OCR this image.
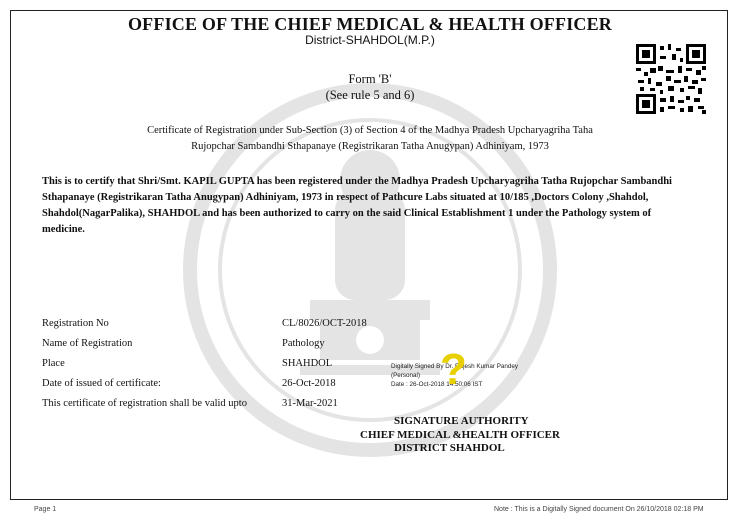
OFFICE OF THE CHIEF MEDICAL & HEALTH OFFICER
District-SHAHDOL(M.P.)
Form 'B'
(See rule 5 and 6)
Certificate of Registration under Sub-Section (3) of Section 4 of the Madhya Pradesh Upcharyagriha Taha
Rujopchar Sambandhi Sthapanaye (Registrikaran Tatha Anugypan) Adhiniyam, 1973
This is to certify that Shri/Smt. KAPIL GUPTA has been registered under the Madhya Pradesh Upcharyagriha Tatha Rujopchar Sambandhi
Sthapanaye (Registrikaran Tatha Anugypan) Adhiniyam, 1973 in respect of Pathcure Labs situated at 10/185 ,Doctors Colony ,Shahdol,
Shahdol(NagarPalika), SHAHDOL and has been authorized to carry on the said Clinical Establishment 1 under the Pathology system of
medicine.
Registration No	CL/8026/OCT-2018
Name of Registration	Pathology
Place	SHAHDOL
Date of issued of certificate:	26-Oct-2018
This certificate of registration shall be valid upto	31-Mar-2021
Digitally Signed By Dr. Rajesh Kumar Pandey
(Personal)
Date : 26-Oct-2018 14:50:06 IST
?
SIGNATURE AUTHORITY
CHIEF MEDICAL &HEALTH OFFICER
DISTRICT SHAHDOL
Page 1	Note : This is a Digitally Signed document On 26/10/2018 02:18 PM
